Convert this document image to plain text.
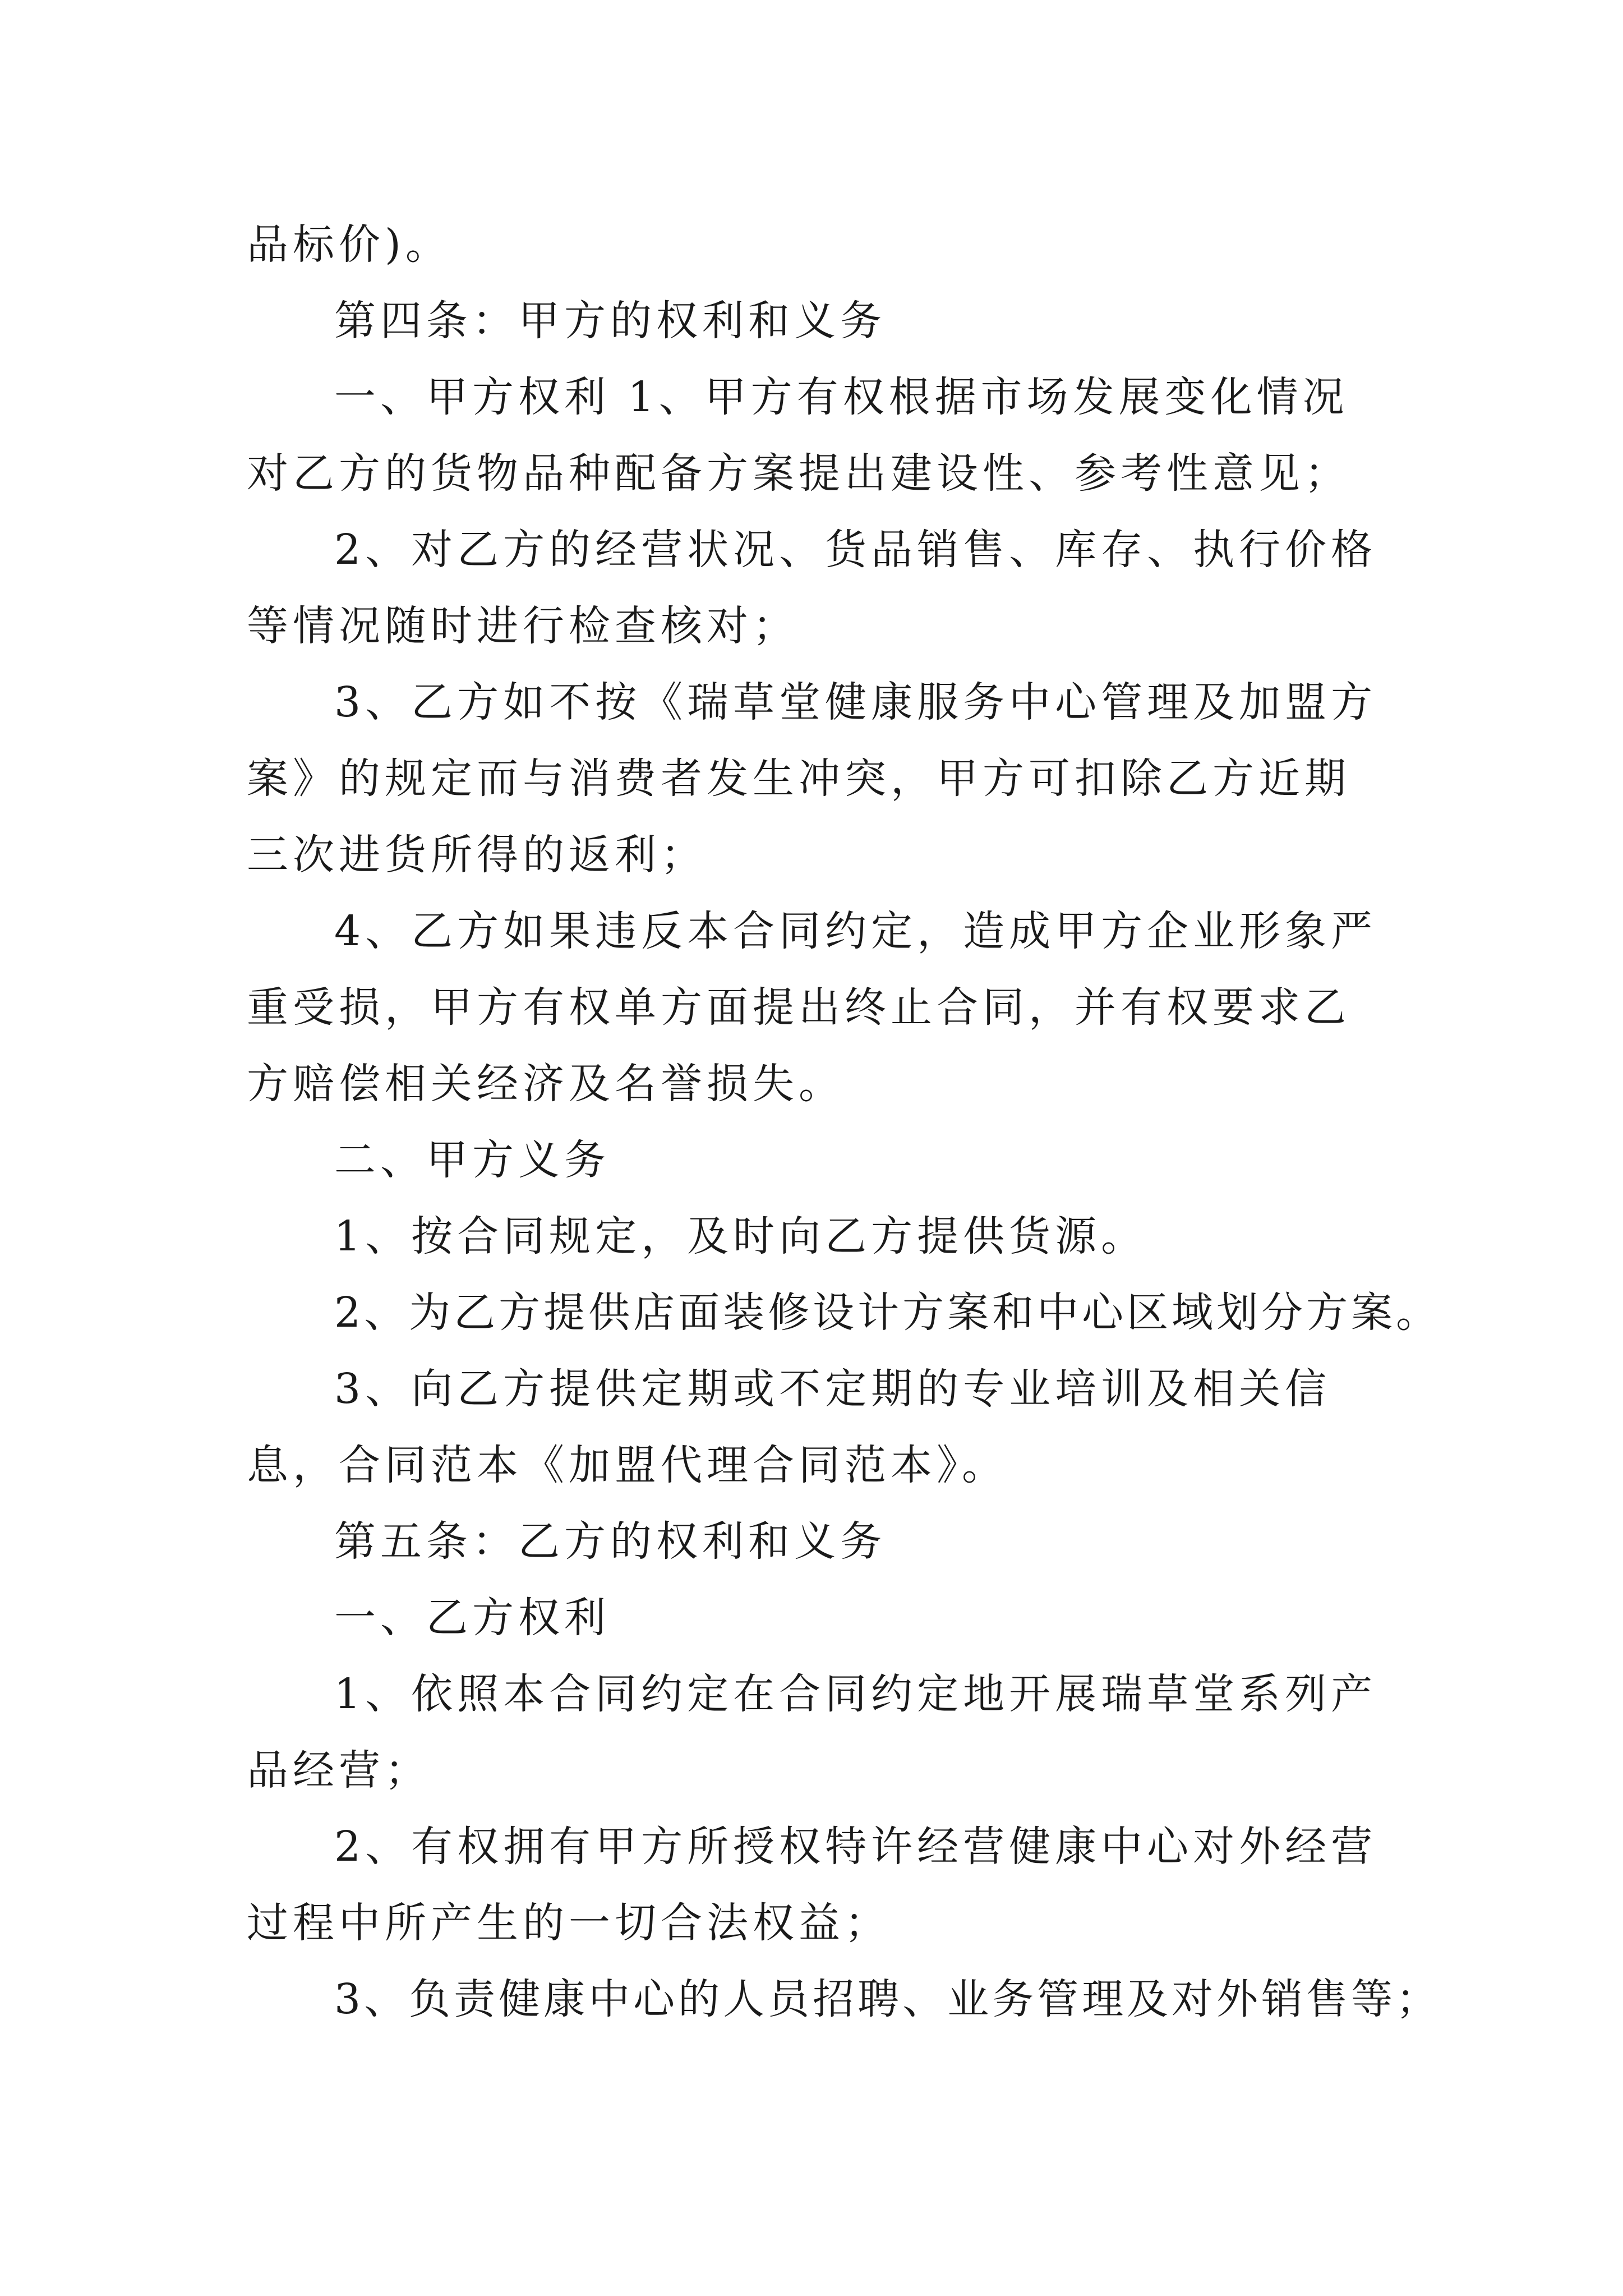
品标价)。

第四条：甲方的权利和义务

一、甲方权利 1、甲方有权根据市场发展变化情况对乙方的货物品种配备方案提出建设性、参考性意见；

2、对乙方的经营状况、货品销售、库存、执行价格等情况随时进行检查核对；

3、乙方如不按《瑞草堂健康服务中心管理及加盟方案》的规定而与消费者发生冲突，甲方可扣除乙方近期三次进货所得的返利；

4、乙方如果违反本合同约定，造成甲方企业形象严重受损，甲方有权单方面提出终止合同，并有权要求乙方赔偿相关经济及名誉损失。

二、甲方义务

1、按合同规定，及时向乙方提供货源。

2、为乙方提供店面装修设计方案和中心区域划分方案。

3、向乙方提供定期或不定期的专业培训及相关信息，合同范本《加盟代理合同范本》。

第五条：乙方的权利和义务

一、乙方权利

1、依照本合同约定在合同约定地开展瑞草堂系列产品经营；

2、有权拥有甲方所授权特许经营健康中心对外经营过程中所产生的一切合法权益；

3、负责健康中心的人员招聘、业务管理及对外销售等；
